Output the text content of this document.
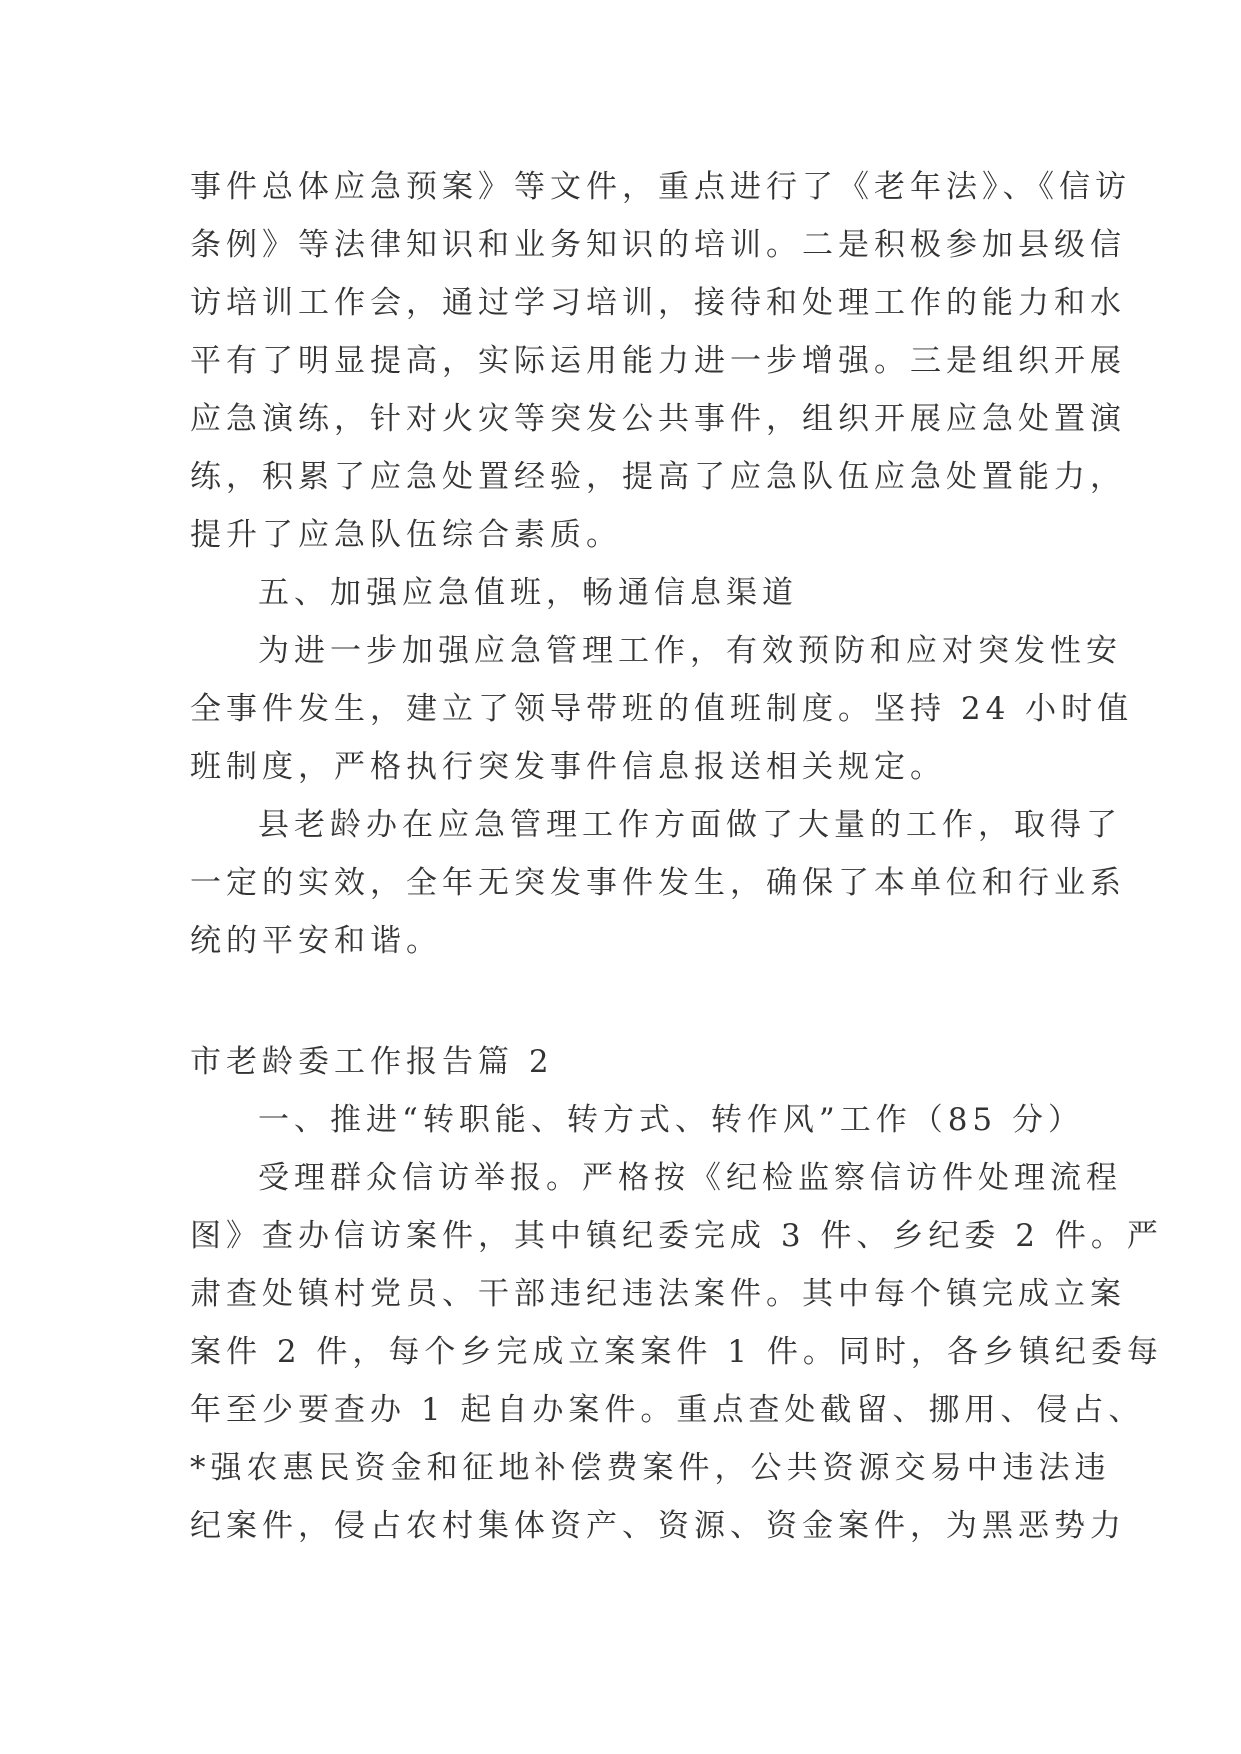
事件总体应急预案》等文件，重点进行了《老年法》、《信访
条例》等法律知识和业务知识的培训。二是积极参加县级信
访培训工作会，通过学习培训，接待和处理工作的能力和水
平有了明显提高，实际运用能力进一步增强。三是组织开展
应急演练，针对火灾等突发公共事件，组织开展应急处置演
练，积累了应急处置经验，提高了应急队伍应急处置能力，
提升了应急队伍综合素质。
五、加强应急值班，畅通信息渠道
为进一步加强应急管理工作，有效预防和应对突发性安
全事件发生，建立了领导带班的值班制度。坚持 24 小时值
班制度，严格执行突发事件信息报送相关规定。
县老龄办在应急管理工作方面做了大量的工作，取得了
一定的实效，全年无突发事件发生，确保了本单位和行业系
统的平安和谐。
市老龄委工作报告篇 2
一、推进“转职能、转方式、转作风”工作（85 分）
受理群众信访举报。严格按《纪检监察信访件处理流程
图》查办信访案件，其中镇纪委完成 3 件、乡纪委 2 件。严
肃查处镇村党员、干部违纪违法案件。其中每个镇完成立案
案件 2 件，每个乡完成立案案件 1 件。同时，各乡镇纪委每
年至少要查办 1 起自办案件。重点查处截留、挪用、侵占、
*强农惠民资金和征地补偿费案件，公共资源交易中违法违
纪案件，侵占农村集体资产、资源、资金案件，为黑恶势力
